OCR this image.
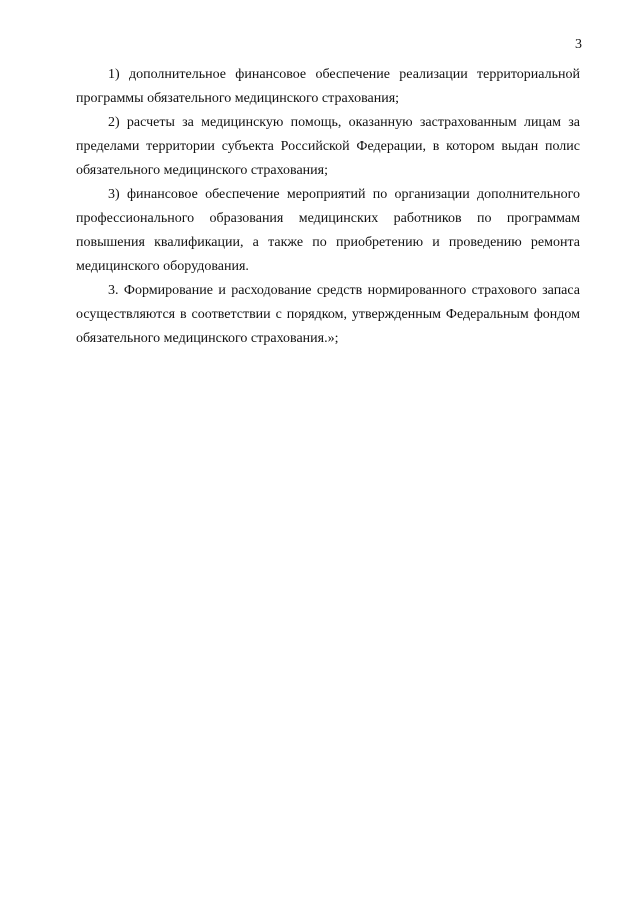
3

1) дополнительное финансовое обеспечение реализации территориальной программы обязательного медицинского страхования;

2) расчеты за медицинскую помощь, оказанную застрахованным лицам за пределами территории субъекта Российской Федерации, в котором выдан полис обязательного медицинского страхования;

3) финансовое обеспечение мероприятий по организации дополнительного профессионального образования медицинских работников по программам повышения квалификации, а также по приобретению и проведению ремонта медицинского оборудования.

3. Формирование и расходование средств нормированного страхового запаса осуществляются в соответствии с порядком, утвержденным Федеральным фондом обязательного медицинского страхования.»;
